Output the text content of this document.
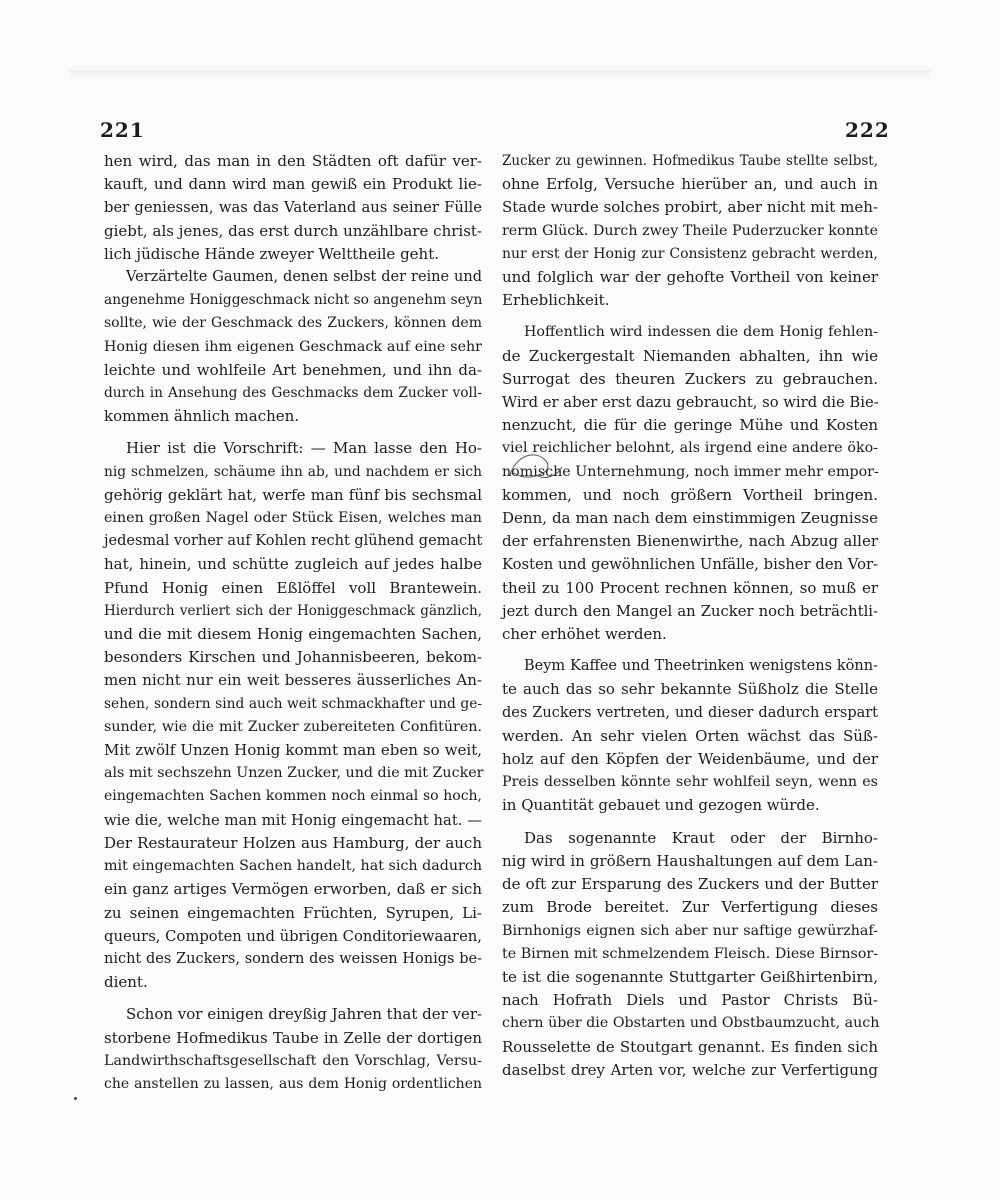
221	222
hen wird, das man in den Städten oft dafür ver-
kauft, und dann wird man gewiß ein Produkt lie-
ber geniessen, was das Vaterland aus seiner Fülle
giebt, als jenes, das erst durch unzählbare christ-
lich jüdische Hände zweyer Welttheile geht.
Verzärtelte Gaumen, denen selbst der reine und
angenehme Honiggeschmack nicht so angenehm seyn
sollte, wie der Geschmack des Zuckers, können dem
Honig diesen ihm eigenen Geschmack auf eine sehr
leichte und wohlfeile Art benehmen, und ihn da-
durch in Ansehung des Geschmacks dem Zucker voll-
kommen ähnlich machen.
Hier ist die Vorschrift: — Man lasse den Ho-
nig schmelzen, schäume ihn ab, und nachdem er sich
gehörig geklärt hat, werfe man fünf bis sechsmal
einen großen Nagel oder Stück Eisen, welches man
jedesmal vorher auf Kohlen recht glühend gemacht
hat, hinein, und schütte zugleich auf jedes halbe
Pfund Honig einen Eßlöffel voll Brantewein.
Hierdurch verliert sich der Honiggeschmack gänzlich,
und die mit diesem Honig eingemachten Sachen,
besonders Kirschen und Johannisbeeren, bekom-
men nicht nur ein weit besseres äusserliches An-
sehen, sondern sind auch weit schmackhafter und ge-
sunder, wie die mit Zucker zubereiteten Confitüren.
Mit zwölf Unzen Honig kommt man eben so weit,
als mit sechszehn Unzen Zucker, und die mit Zucker
eingemachten Sachen kommen noch einmal so hoch,
wie die, welche man mit Honig eingemacht hat. —
Der Restaurateur Holzen aus Hamburg, der auch
mit eingemachten Sachen handelt, hat sich dadurch
ein ganz artiges Vermögen erworben, daß er sich
zu seinen eingemachten Früchten, Syrupen, Li-
queurs, Compoten und übrigen Conditoriewaaren,
nicht des Zuckers, sondern des weissen Honigs be-
dient.
Schon vor einigen dreyßig Jahren that der ver-
storbene Hofmedikus Taube in Zelle der dortigen
Landwirthschaftsgesellschaft den Vorschlag, Versu-
che anstellen zu lassen, aus dem Honig ordentlichen
Zucker zu gewinnen. Hofmedikus Taube stellte selbst,
ohne Erfolg, Versuche hierüber an, und auch in
Stade wurde solches probirt, aber nicht mit meh-
rerm Glück. Durch zwey Theile Puderzucker konnte
nur erst der Honig zur Consistenz gebracht werden,
und folglich war der gehofte Vortheil von keiner
Erheblichkeit.
Hoffentlich wird indessen die dem Honig fehlen-
de Zuckergestalt Niemanden abhalten, ihn wie
Surrogat des theuren Zuckers zu gebrauchen.
Wird er aber erst dazu gebraucht, so wird die Bie-
nenzucht, die für die geringe Mühe und Kosten
viel reichlicher belohnt, als irgend eine andere öko-
nomische Unternehmung, noch immer mehr empor-
kommen, und noch größern Vortheil bringen.
Denn, da man nach dem einstimmigen Zeugnisse
der erfahrensten Bienenwirthe, nach Abzug aller
Kosten und gewöhnlichen Unfälle, bisher den Vor-
theil zu 100 Procent rechnen können, so muß er
jezt durch den Mangel an Zucker noch beträchtli-
cher erhöhet werden.
Beym Kaffee und Theetrinken wenigstens könn-
te auch das so sehr bekannte Süßholz die Stelle
des Zuckers vertreten, und dieser dadurch erspart
werden. An sehr vielen Orten wächst das Süß-
holz auf den Köpfen der Weidenbäume, und der
Preis desselben könnte sehr wohlfeil seyn, wenn es
in Quantität gebauet und gezogen würde.
Das sogenannte Kraut oder der Birnho-
nig wird in größern Haushaltungen auf dem Lan-
de oft zur Ersparung des Zuckers und der Butter
zum Brode bereitet. Zur Verfertigung dieses
Birnhonigs eignen sich aber nur saftige gewürzhaf-
te Birnen mit schmelzendem Fleisch. Diese Birnsor-
te ist die sogenannte Stuttgarter Geißhirtenbirn,
nach Hofrath Diels und Pastor Christs Bü-
chern über die Obstarten und Obstbaumzucht, auch
Rousselette de Stoutgart genannt. Es finden sich
daselbst drey Arten vor, welche zur Verfertigung
